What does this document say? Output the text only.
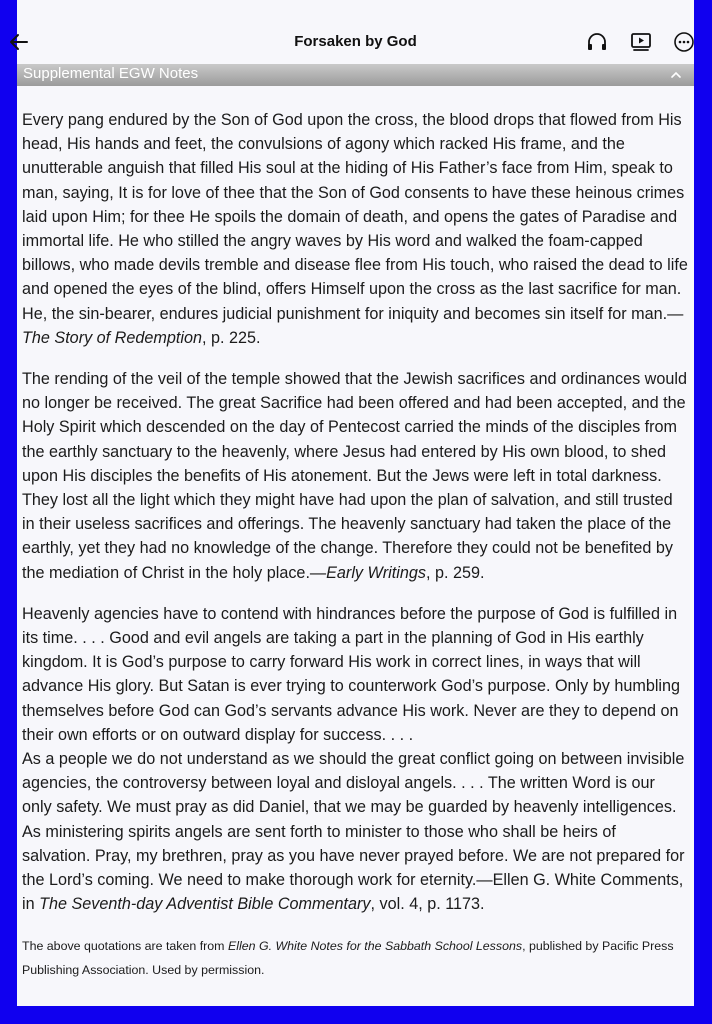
Forsaken by God
Supplemental EGW Notes

Every pang endured by the Son of God upon the cross, the blood drops that flowed from His head, His hands and feet, the convulsions of agony which racked His frame, and the unutterable anguish that filled His soul at the hiding of His Father’s face from Him, speak to man, saying, It is for love of thee that the Son of God consents to have these heinous crimes laid upon Him; for thee He spoils the domain of death, and opens the gates of Paradise and immortal life. He who stilled the angry waves by His word and walked the foam-capped billows, who made devils tremble and disease flee from His touch, who raised the dead to life and opened the eyes of the blind, offers Himself upon the cross as the last sacrifice for man. He, the sin-bearer, endures judicial punishment for iniquity and becomes sin itself for man.—The Story of Redemption, p. 225.

The rending of the veil of the temple showed that the Jewish sacrifices and ordinances would no longer be received. The great Sacrifice had been offered and had been accepted, and the Holy Spirit which descended on the day of Pentecost carried the minds of the disciples from the earthly sanctuary to the heavenly, where Jesus had entered by His own blood, to shed upon His disciples the benefits of His atonement. But the Jews were left in total darkness. They lost all the light which they might have had upon the plan of salvation, and still trusted in their useless sacrifices and offerings. The heavenly sanctuary had taken the place of the earthly, yet they had no knowledge of the change. Therefore they could not be benefited by the mediation of Christ in the holy place.—Early Writings, p. 259.

Heavenly agencies have to contend with hindrances before the purpose of God is fulfilled in its time. . . . Good and evil angels are taking a part in the planning of God in His earthly kingdom. It is God’s purpose to carry forward His work in correct lines, in ways that will advance His glory. But Satan is ever trying to counterwork God’s purpose. Only by humbling themselves before God can God’s servants advance His work. Never are they to depend on their own efforts or on outward display for success. . . .

As a people we do not understand as we should the great conflict going on between invisible agencies, the controversy between loyal and disloyal angels. . . . The written Word is our only safety. We must pray as did Daniel, that we may be guarded by heavenly intelligences. As ministering spirits angels are sent forth to minister to those who shall be heirs of salvation. Pray, my brethren, pray as you have never prayed before. We are not prepared for the Lord’s coming. We need to make thorough work for eternity.—Ellen G. White Comments, in The Seventh-day Adventist Bible Commentary, vol. 4, p. 1173.

The above quotations are taken from Ellen G. White Notes for the Sabbath School Lessons, published by Pacific Press Publishing Association. Used by permission.
